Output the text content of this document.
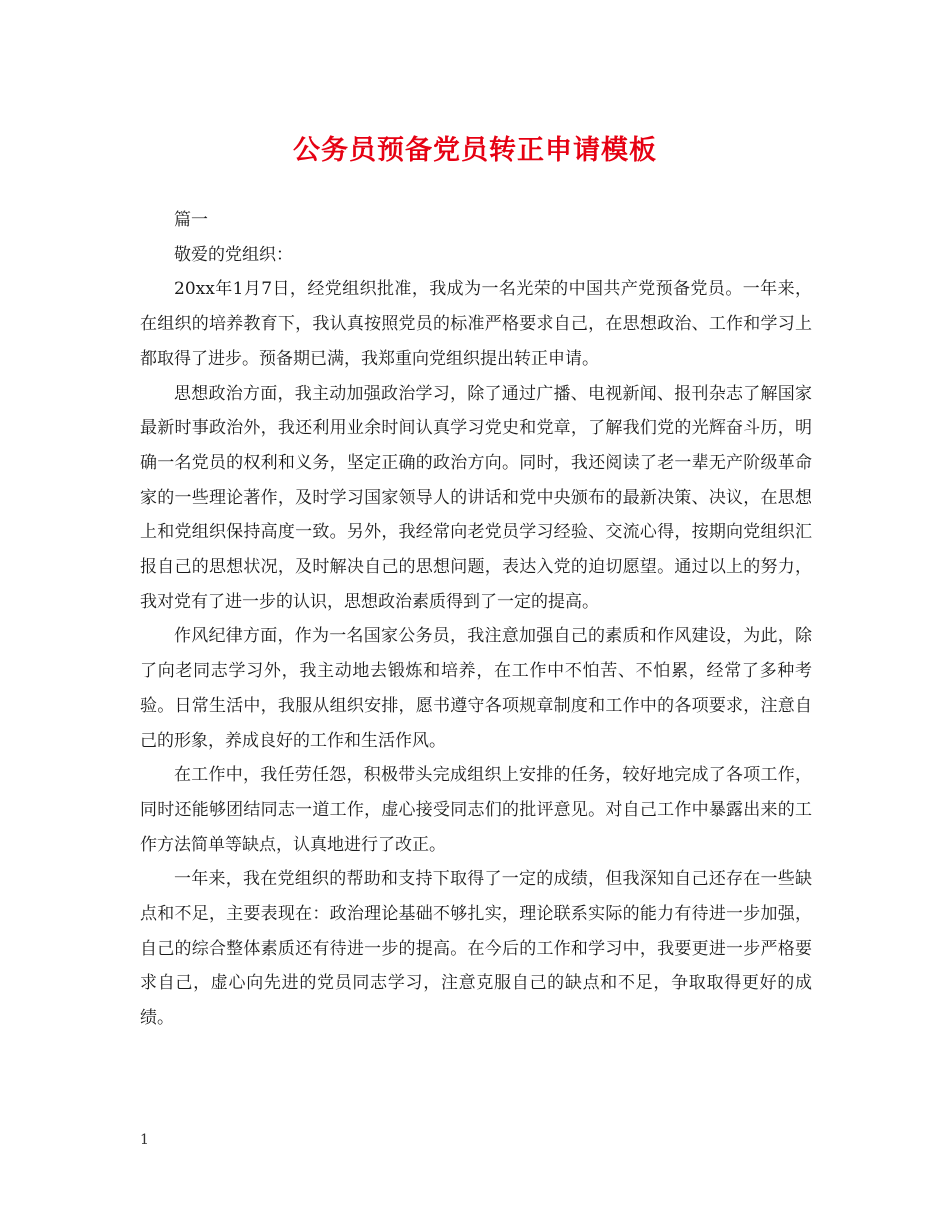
公务员预备党员转正申请模板

篇一

敬爱的党组织：

20xx年1月7日，经党组织批准，我成为一名光荣的中国共产党预备党员。一年来，在组织的培养教育下，我认真按照党员的标准严格要求自己，在思想政治、工作和学习上都取得了进步。预备期已满，我郑重向党组织提出转正申请。

思想政治方面，我主动加强政治学习，除了通过广播、电视新闻、报刊杂志了解国家最新时事政治外，我还利用业余时间认真学习党史和党章，了解我们党的光辉奋斗历，明确一名党员的权利和义务，坚定正确的政治方向。同时，我还阅读了老一辈无产阶级革命家的一些理论著作，及时学习国家领导人的讲话和党中央颁布的最新决策、决议，在思想上和党组织保持高度一致。另外，我经常向老党员学习经验、交流心得，按期向党组织汇报自己的思想状况，及时解决自己的思想问题，表达入党的迫切愿望。通过以上的努力，我对党有了进一步的认识，思想政治素质得到了一定的提高。

作风纪律方面，作为一名国家公务员，我注意加强自己的素质和作风建设，为此，除了向老同志学习外，我主动地去锻炼和培养，在工作中不怕苦、不怕累，经常了多种考验。日常生活中，我服从组织安排，愿书遵守各项规章制度和工作中的各项要求，注意自己的形象，养成良好的工作和生活作风。

在工作中，我任劳任怨，积极带头完成组织上安排的任务，较好地完成了各项工作，同时还能够团结同志一道工作，虚心接受同志们的批评意见。对自己工作中暴露出来的工作方法简单等缺点，认真地进行了改正。

一年来，我在党组织的帮助和支持下取得了一定的成绩，但我深知自己还存在一些缺点和不足，主要表现在：政治理论基础不够扎实，理论联系实际的能力有待进一步加强，自己的综合整体素质还有待进一步的提高。在今后的工作和学习中，我要更进一步严格要求自己，虚心向先进的党员同志学习，注意克服自己的缺点和不足，争取取得更好的成绩。

1
